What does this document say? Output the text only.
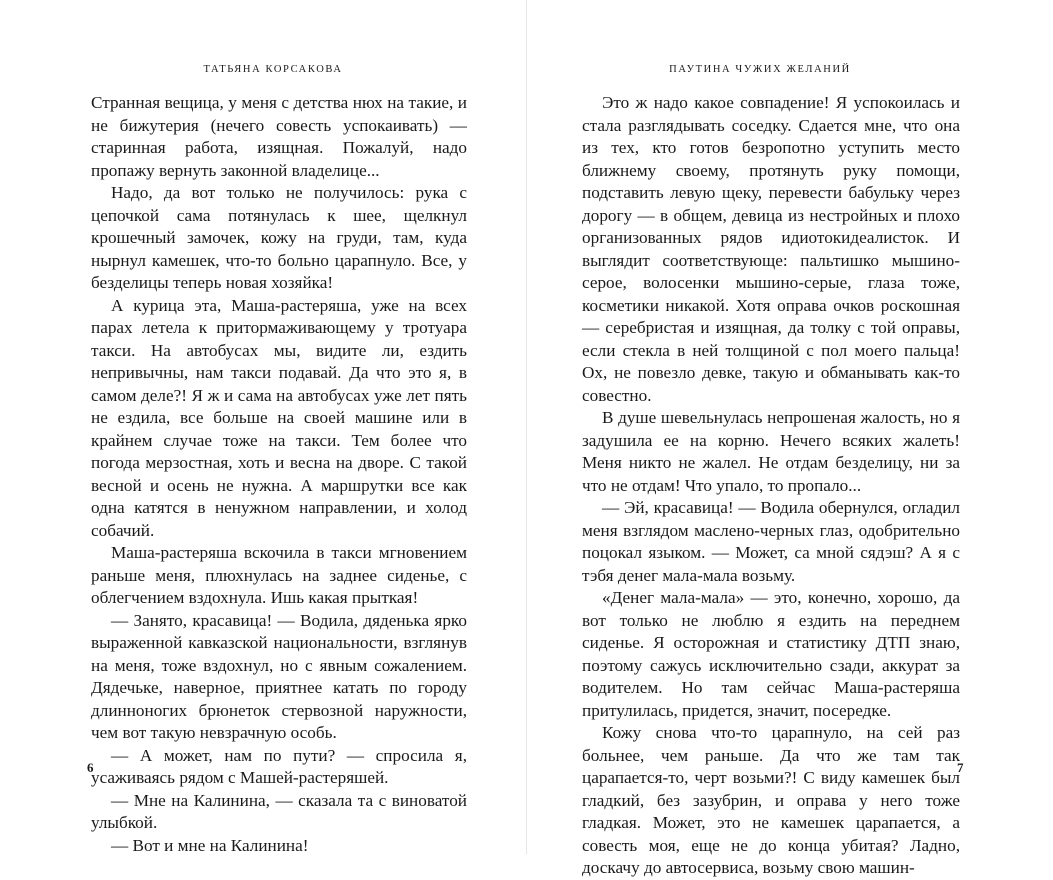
ТАТЬЯНА КОРСАКОВА

Странная вещица, у меня с детства нюх на такие, и не бижутерия (нечего совесть успокаивать) — старинная работа, изящная. Пожалуй, надо пропажу вернуть законной владелице...

Надо, да вот только не получилось: рука с цепочкой сама потянулась к шее, щелкнул крошечный замочек, кожу на груди, там, куда нырнул камешек, что-то больно царапнуло. Все, у безделицы теперь новая хозяйка!

А курица эта, Маша-растеряша, уже на всех парах летела к притормаживающему у тротуара такси. На автобусах мы, видите ли, ездить непривычны, нам такси подавай. Да что это я, в самом деле?! Я ж и сама на автобусах уже лет пять не ездила, все больше на своей машине или в крайнем случае тоже на такси. Тем более что погода мерзостная, хоть и весна на дворе. С такой весной и осень не нужна. А маршрутки все как одна катятся в ненужном направлении, и холод собачий.

Маша-растеряша вскочила в такси мгновением раньше меня, плюхнулась на заднее сиденье, с облегчением вздохнула. Ишь какая прыткая!

— Занято, красавица! — Водила, дяденька ярко выраженной кавказской национальности, взглянув на меня, тоже вздохнул, но с явным сожалением. Дядечьке, наверное, приятнее катать по городу длинноногих брюнеток стервозной наружности, чем вот такую невзрачную особь.

— А может, нам по пути? — спросила я, усаживаясь рядом с Машей-растеряшей.

— Мне на Калинина, — сказала та с виноватой улыбкой.

— Вот и мне на Калинина!

6
ПАУТИНА ЧУЖИХ ЖЕЛАНИЙ

Это ж надо какое совпадение! Я успокоилась и стала разглядывать соседку. Сдается мне, что она из тех, кто готов безропотно уступить место ближнему своему, протянуть руку помощи, подставить левую щеку, перевести бабульку через дорогу — в общем, девица из нестройных и плохо организованных рядов идиотокидеалисток. И выглядит соответствующе: пальтишко мышино-серое, волосенки мышино-серые, глаза тоже, косметики никакой. Хотя оправа очков роскошная — серебристая и изящная, да толку с той оправы, если стекла в ней толщиной с пол моего пальца! Ох, не повезло девке, такую и обманывать как-то совестно.

В душе шевельнулась непрошеная жалость, но я задушила ее на корню. Нечего всяких жалеть! Меня никто не жалел. Не отдам безделицу, ни за что не отдам! Что упало, то пропало...

— Эй, красавица! — Водила обернулся, огладил меня взглядом маслено-черных глаз, одобрительно поцокал языком. — Может, са мной сядэш? А я с тэбя денег мала-мала возьму.

«Денег мала-мала» — это, конечно, хорошо, да вот только не люблю я ездить на переднем сиденье. Я осторожная и статистику ДТП знаю, поэтому сажусь исключительно сзади, аккурат за водителем. Но там сейчас Маша-растеряша притулилась, придется, значит, посередке.

Кожу снова что-то царапнуло, на сей раз больнее, чем раньше. Да что же там так царапается-то, черт возьми?! С виду камешек был гладкий, без зазубрин, и оправа у него тоже гладкая. Может, это не камешек царапается, а совесть моя, еще не до конца убитая? Ладно, доскачу до автосервиса, возьму свою машин-

7
